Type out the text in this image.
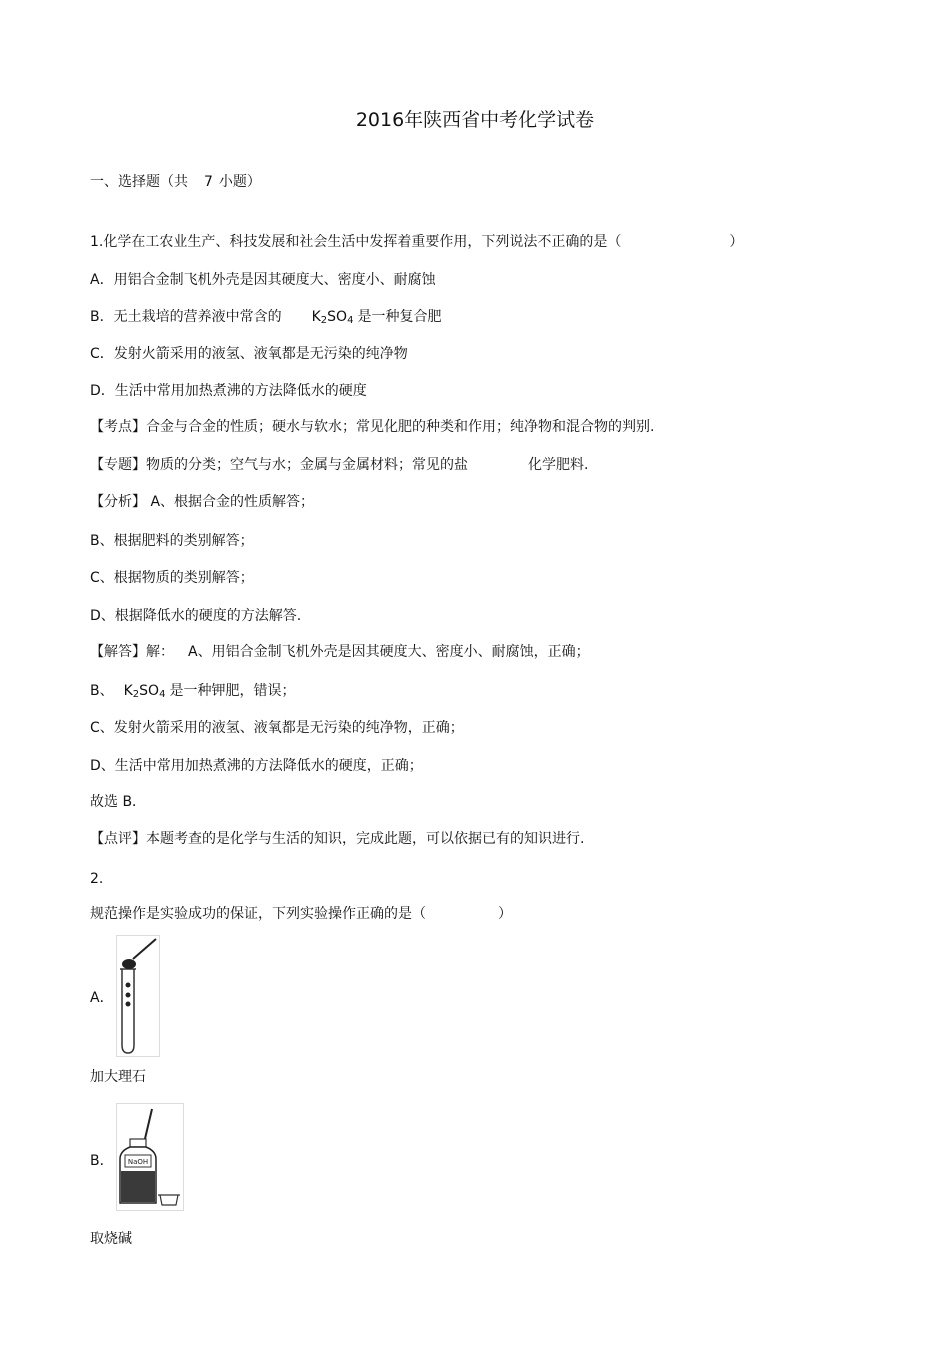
2016年陕西省中考化学试卷
一、选择题（共 7 小题）
1.化学在工农业生产、科技发展和社会生活中发挥着重要作用，下列说法不正确的是（	）
A．用铝合金制飞机外壳是因其硬度大、密度小、耐腐蚀
B．无土栽培的营养液中常含的 $K_2SO_4$ 是一种复合肥
C．发射火箭采用的液氢、液氧都是无污染的纯净物
D．生活中常用加热煮沸的方法降低水的硬度
【考点】合金与合金的性质；硬水与软水；常见化肥的种类和作用；纯净物和混合物的判别.
【专题】物质的分类；空气与水；金属与金属材料；常见的盐	化学肥料.
【分析】 A、根据合金的性质解答；
B、根据肥料的类别解答；
C、根据物质的类别解答；
D、根据降低水的硬度的方法解答.
【解答】解： A、用铝合金制飞机外壳是因其硬度大、密度小、耐腐蚀，正确；
B、 $K_2SO_4$ 是一种钾肥，错误；
C、发射火箭采用的液氢、液氧都是无污染的纯净物，正确；
D、生活中常用加热煮沸的方法降低水的硬度，正确；
故选 B．
【点评】本题考查的是化学与生活的知识，完成此题，可以依据已有的知识进行.
2.
规范操作是实验成功的保证，下列实验操作正确的是（	）
A．
加大理石
B． NaOH
取烧碱
